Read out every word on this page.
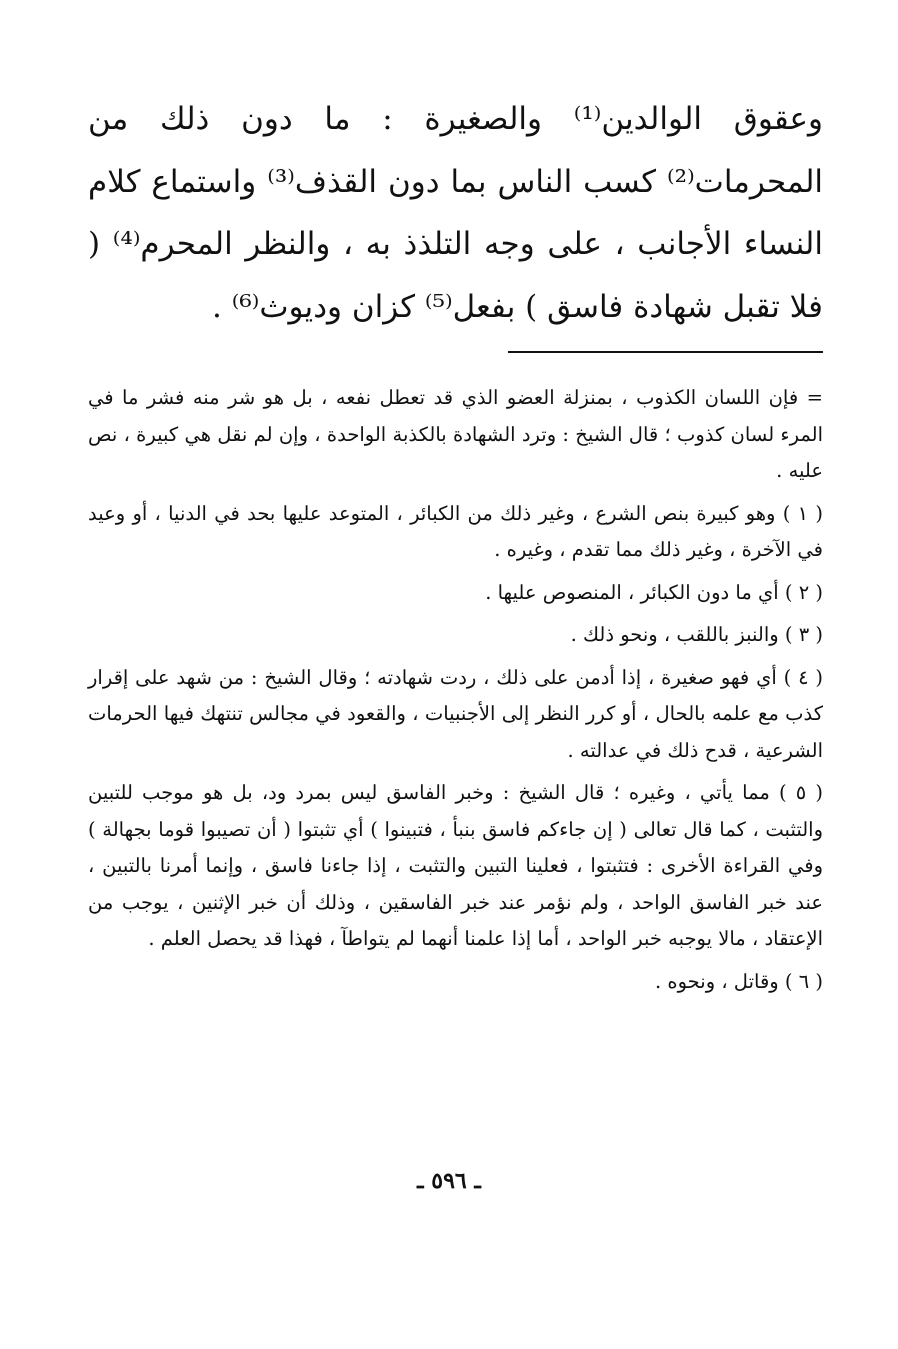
وعقوق الوالدين⁽¹⁾ والصغيرة : ما دون ذلك من المحرمات⁽²⁾ كسب الناس بما دون القذف⁽³⁾ واستماع كلام النساء الأجانب ، على وجه التلذذ به ، والنظر المحرم⁽⁴⁾ ( فلا تقبل شهادة فاسق ) بفعل⁽⁵⁾ كزان وديوث⁽⁶⁾ .

= فإن اللسان الكذوب ، بمنزلة العضو الذي قد تعطل نفعه ، بل هو شر منه فشر ما في المرء لسان كذوب ؛ قال الشيخ : وترد الشهادة بالكذبة الواحدة ، وإن لم نقل هي كبيرة ، نص عليه .

( ١ ) وهو كبيرة بنص الشرع ، وغير ذلك من الكبائر ، المتوعد عليها بحد في الدنيا ، أو وعيد في الآخرة ، وغير ذلك مما تقدم ، وغيره .

( ٢ ) أي ما دون الكبائر ، المنصوص عليها .

( ٣ ) والنبز باللقب ، ونحو ذلك .

( ٤ ) أي فهو صغيرة ، إذا أدمن على ذلك ، ردت شهادته ؛ وقال الشيخ : من شهد على إقرار كذب مع علمه بالحال ، أو كرر النظر إلى الأجنبيات ، والقعود في مجالس تنتهك فيها الحرمات الشرعية ، قدح ذلك في عدالته .

( ٥ ) مما يأتي ، وغيره ؛ قال الشيخ : وخبر الفاسق ليس بمرد ود، بل هو موجب للتبين والتثبت ، كما قال تعالى ( إن جاءكم فاسق بنبأ ، فتبينوا ) أي تثبتوا ( أن تصيبوا قوما بجهالة ) وفي القراءة الأخرى : فتثبتوا ، فعلينا التبين والتثبت ، إذا جاءنا فاسق ، وإنما أمرنا بالتبين ، عند خبر الفاسق الواحد ، ولم نؤمر عند خبر الفاسقين ، وذلك أن خبر الإثنين ، يوجب من الإعتقاد ، مالا يوجبه خبر الواحد ، أما إذا علمنا أنهما لم يتواطآ ، فهذا قد يحصل العلم .

( ٦ ) وقاتل ، ونحوه .

ـ ٥٩٦ ـ
